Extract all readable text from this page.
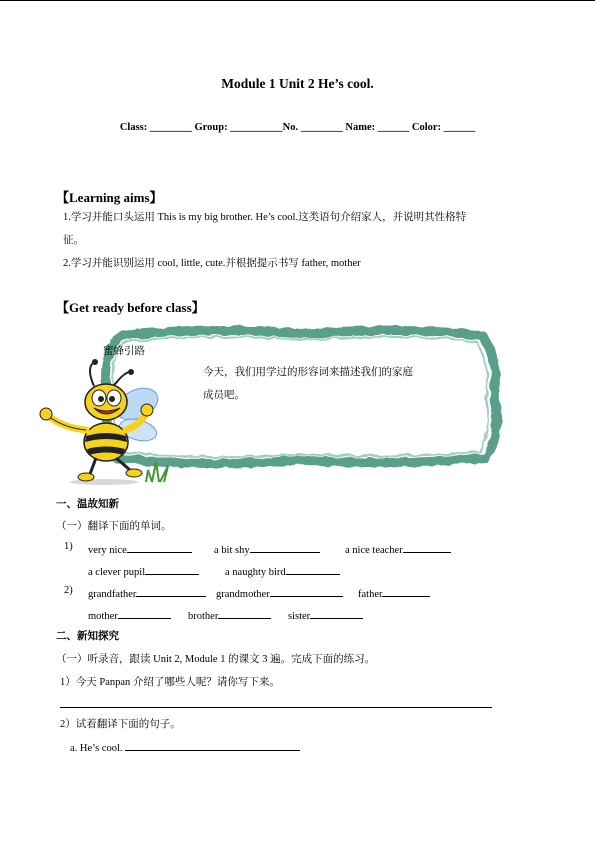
Module 1 Unit 2 He’s cool.
Class: ________ Group: __________No. ________ Name: ______ Color: ______
【Learning aims】
1.学习并能口头运用 This is my big brother. He’s cool.这类语句介绍家人，并说明其性格特
征。
2.学习并能识别运用 cool, little, cute.并根据提示书写 father, mother
【Get ready before class】
蜜蜂引路
今天，我们用学过的形容词来描述我们的家庭
成员吧。
一、温故知新
（一）翻译下面的单词。
1) very nice	a bit shy	a nice teacher
a clever pupil	a naughty bird
2) grandfather	grandmother	father
mother	brother	sister
二、新知探究
（一）听录音，跟读 Unit 2, Module 1 的课文 3 遍。完成下面的练习。
1）今天 Panpan 介绍了哪些人呢？请你写下来。
2）试着翻译下面的句子。
a. He’s cool.
